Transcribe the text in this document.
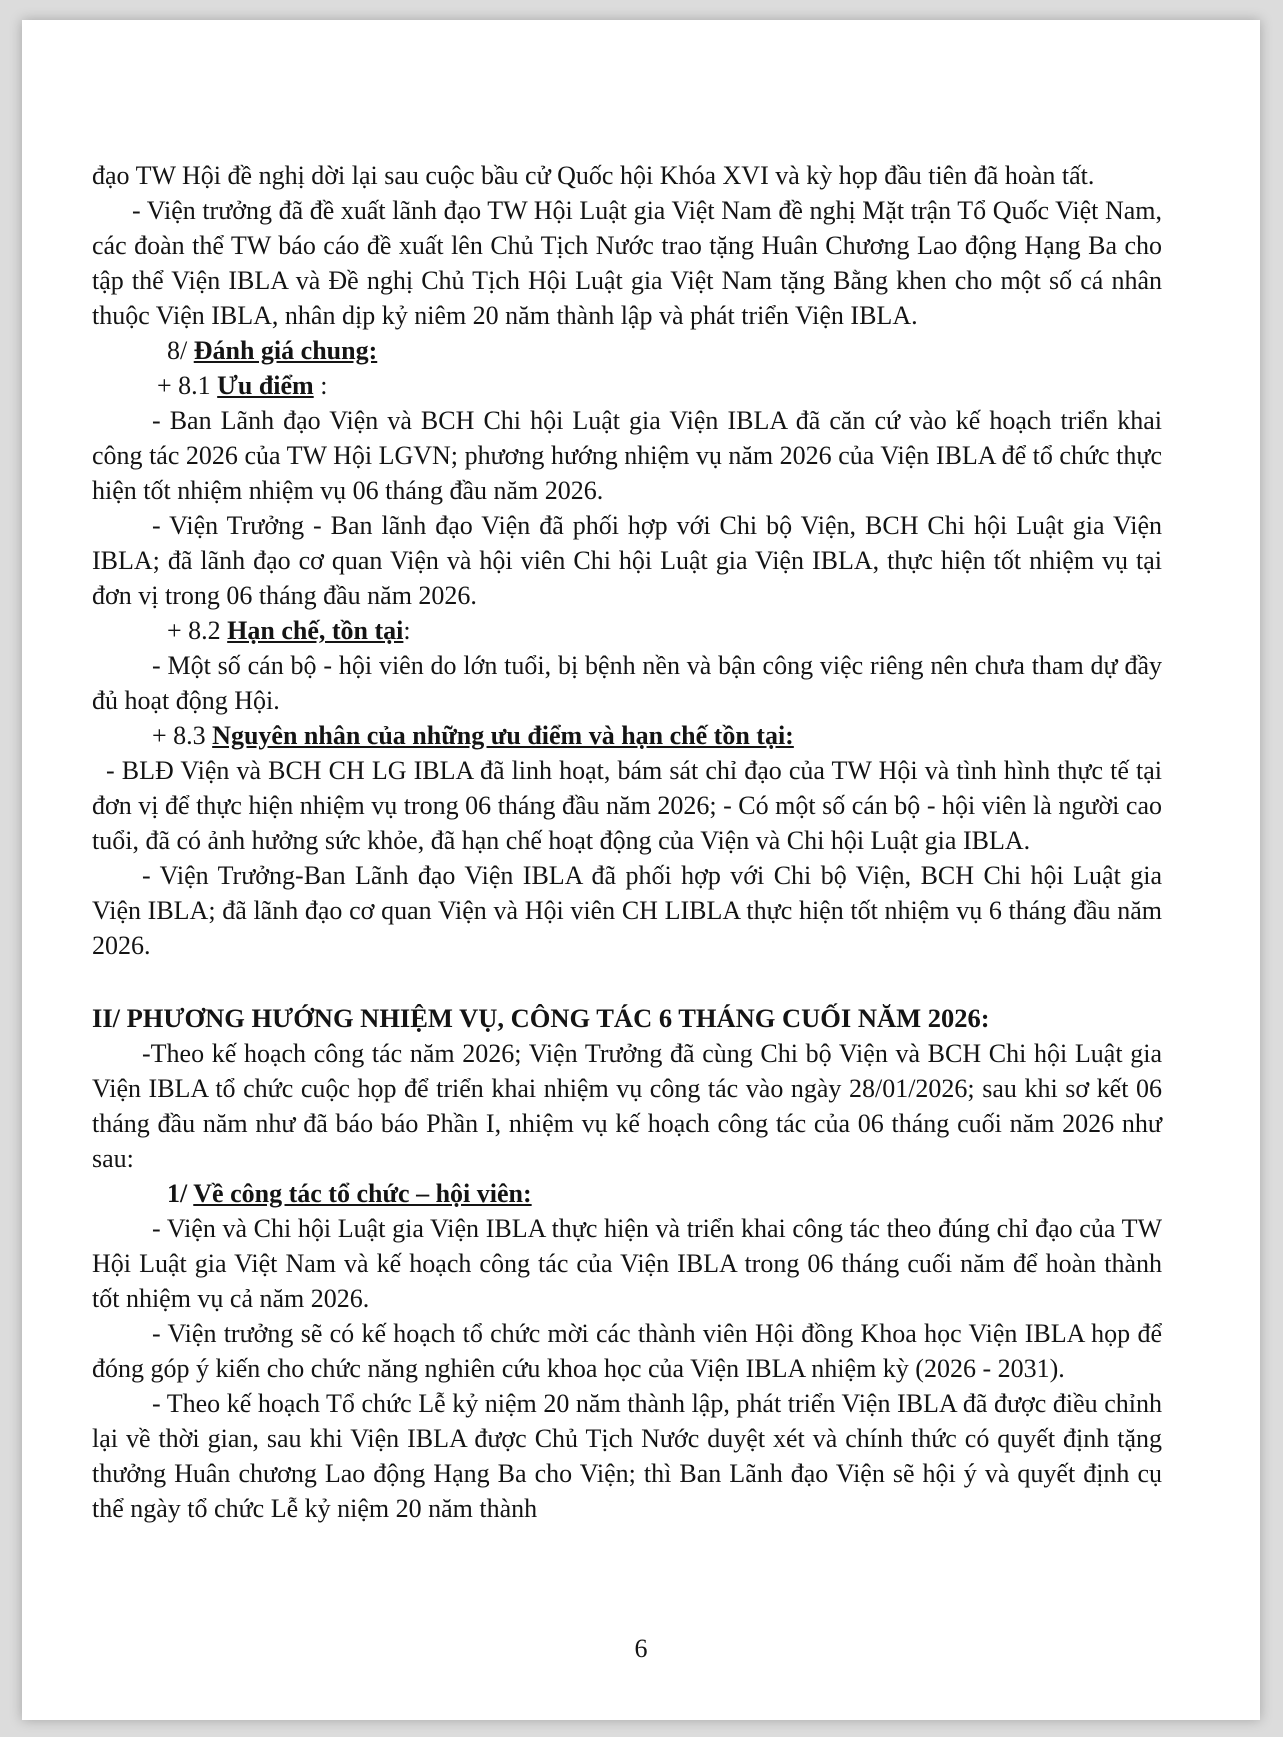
đạo TW Hội đề nghị dời lại sau cuộc bầu cử Quốc hội Khóa XVI và kỳ họp đầu tiên đã hoàn tất.

- Viện trưởng đã đề xuất lãnh đạo TW Hội Luật gia Việt Nam đề nghị Mặt trận Tổ Quốc Việt Nam, các đoàn thể TW báo cáo đề xuất lên Chủ Tịch Nước trao tặng Huân Chương Lao động Hạng Ba cho tập thể Viện IBLA và Đề nghị Chủ Tịch Hội Luật gia Việt Nam tặng Bằng khen cho một số cá nhân thuộc Viện IBLA, nhân dịp kỷ niêm 20 năm thành lập và phát triển Viện IBLA.

8/ Đánh giá chung:
+ 8.1 Ưu điểm :

- Ban Lãnh đạo Viện và BCH Chi hội Luật gia Viện IBLA đã căn cứ vào kế hoạch triển khai công tác 2026 của TW Hội LGVN; phương hướng nhiệm vụ năm 2026 của Viện IBLA để tổ chức thực hiện tốt nhiệm nhiệm vụ 06 tháng đầu năm 2026.

- Viện Trưởng - Ban lãnh đạo Viện đã phối hợp với Chi bộ Viện, BCH Chi hội Luật gia Viện IBLA; đã lãnh đạo cơ quan Viện và hội viên Chi hội Luật gia Viện IBLA, thực hiện tốt nhiệm vụ tại đơn vị trong 06 tháng đầu năm 2026.

+ 8.2 Hạn chế, tồn tại:

- Một số cán bộ - hội viên do lớn tuổi, bị bệnh nền và bận công việc riêng nên chưa tham dự đầy đủ hoạt động Hội.

+ 8.3 Nguyên nhân của những ưu điểm và hạn chế tồn tại:

- BLĐ Viện và BCH CH LG IBLA đã linh hoạt, bám sát chỉ đạo của TW Hội và tình hình thực tế tại đơn vị để thực hiện nhiệm vụ trong 06 tháng đầu năm 2026; - Có một số cán bộ - hội viên là người cao tuổi, đã có ảnh hưởng sức khỏe, đã hạn chế hoạt động của Viện và Chi hội Luật gia IBLA.

- Viện Trưởng-Ban Lãnh đạo Viện IBLA đã phối hợp với Chi bộ Viện, BCH Chi hội Luật gia Viện IBLA; đã lãnh đạo cơ quan Viện và Hội viên CH LIBLA thực hiện tốt nhiệm vụ 6 tháng đầu năm 2026.

II/ PHƯƠNG HƯỚNG NHIỆM VỤ, CÔNG TÁC 6 THÁNG CUỐI NĂM 2026:

-Theo kế hoạch công tác năm 2026; Viện Trưởng đã cùng Chi bộ Viện và BCH Chi hội Luật gia Viện IBLA tổ chức cuộc họp để triển khai nhiệm vụ công tác vào ngày 28/01/2026; sau khi sơ kết 06 tháng đầu năm như đã báo báo Phần I, nhiệm vụ kế hoạch công tác của 06 tháng cuối năm 2026 như sau:

1/ Về công tác tổ chức – hội viên:

- Viện và Chi hội Luật gia Viện IBLA thực hiện và triển khai công tác theo đúng chỉ đạo của TW Hội Luật gia Việt Nam và kế hoạch công tác của Viện IBLA trong 06 tháng cuối năm để hoàn thành tốt nhiệm vụ cả năm 2026.

- Viện trưởng sẽ có kế hoạch tổ chức mời các thành viên Hội đồng Khoa học Viện IBLA họp để đóng góp ý kiến cho chức năng nghiên cứu khoa học của Viện IBLA nhiệm kỳ (2026 - 2031).

- Theo kế hoạch Tổ chức Lễ kỷ niệm 20 năm thành lập, phát triển Viện IBLA đã được điều chỉnh lại về thời gian, sau khi Viện IBLA được Chủ Tịch Nước duyệt xét và chính thức có quyết định tặng thưởng Huân chương Lao động Hạng Ba cho Viện; thì Ban Lãnh đạo Viện sẽ hội ý và quyết định cụ thể ngày tổ chức Lễ kỷ niệm 20 năm thành

6
